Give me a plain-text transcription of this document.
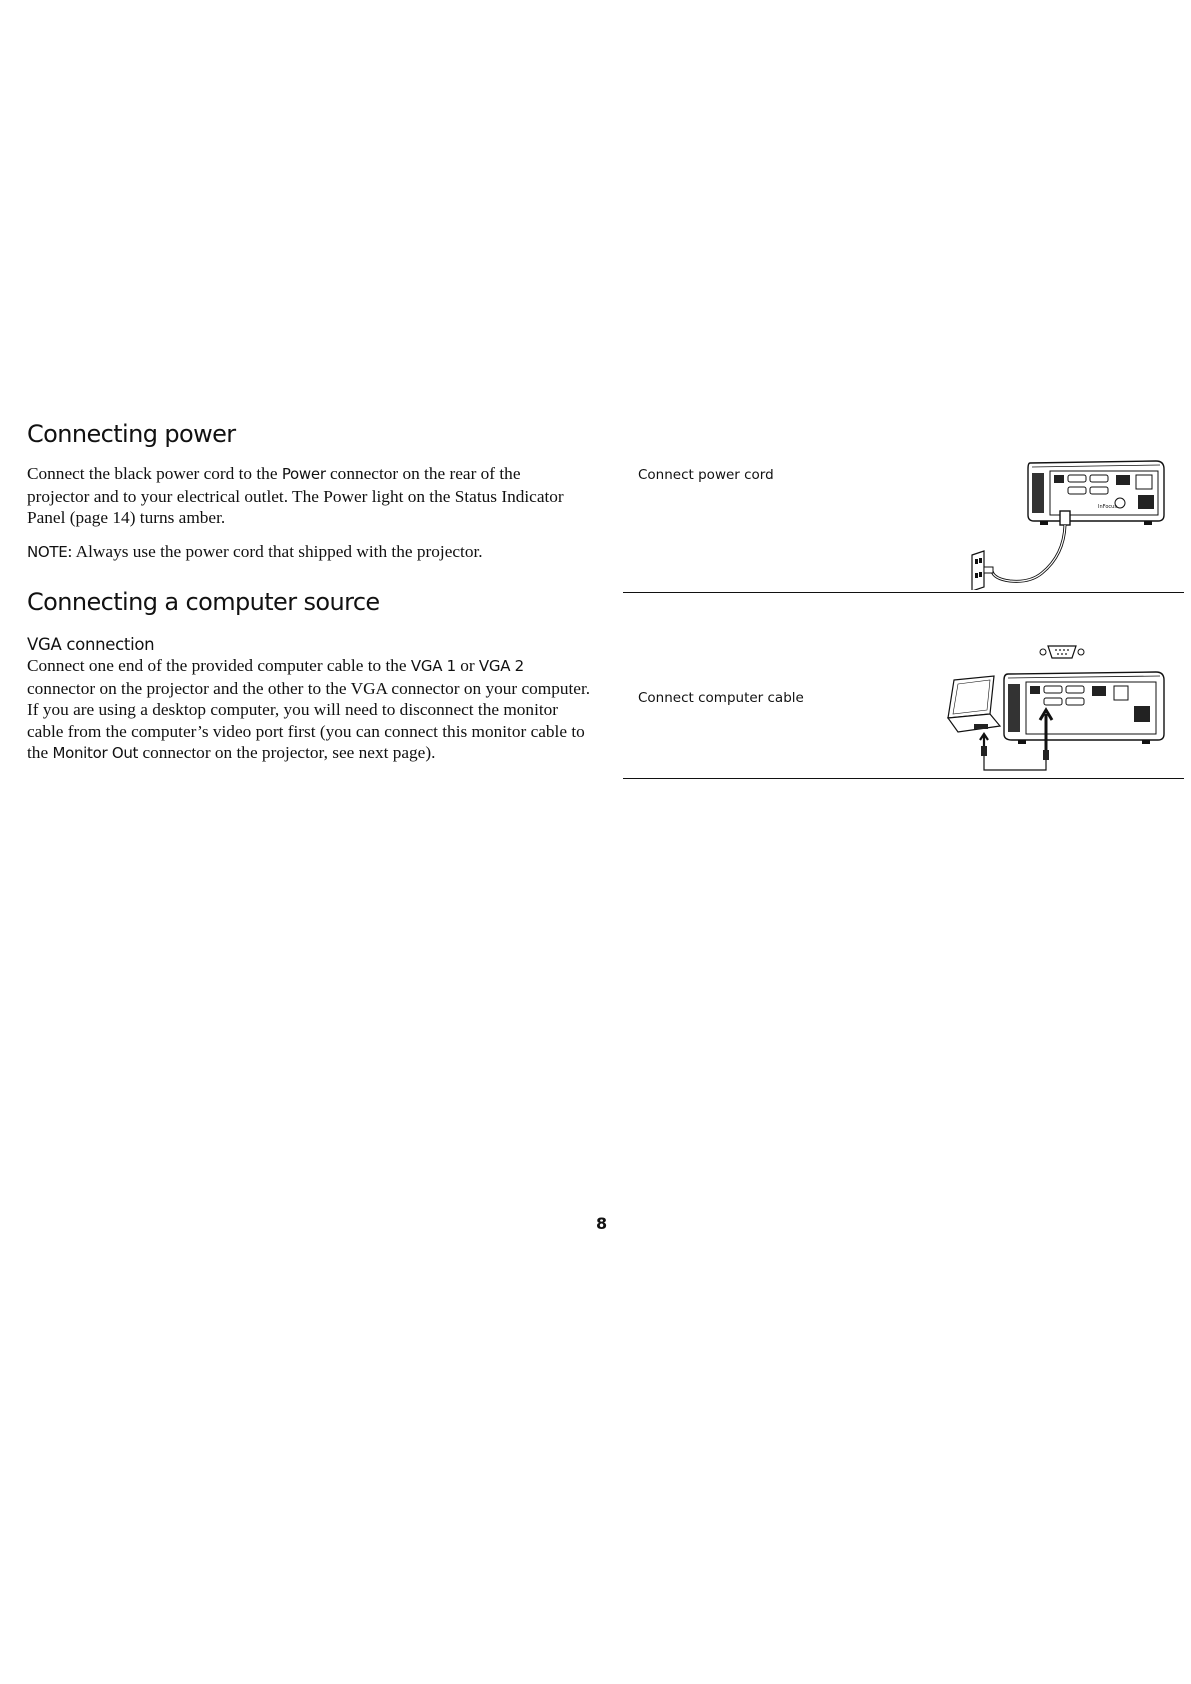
Connecting power

Connect the black power cord to the Power connector on the rear of the projector and to your electrical outlet. The Power light on the Status Indicator Panel (page 14) turns amber.

NOTE: Always use the power cord that shipped with the projector.

Connecting a computer source
VGA connection

Connect one end of the provided computer cable to the VGA 1 or VGA 2 connector on the projector and the other to the VGA connector on your computer. If you are using a desktop computer, you will need to disconnect the monitor cable from the computer’s video port first (you can connect this monitor cable to the Monitor Out connector on the projector, see next page).

Connect power cord
InFocus
Connect computer cable
8
